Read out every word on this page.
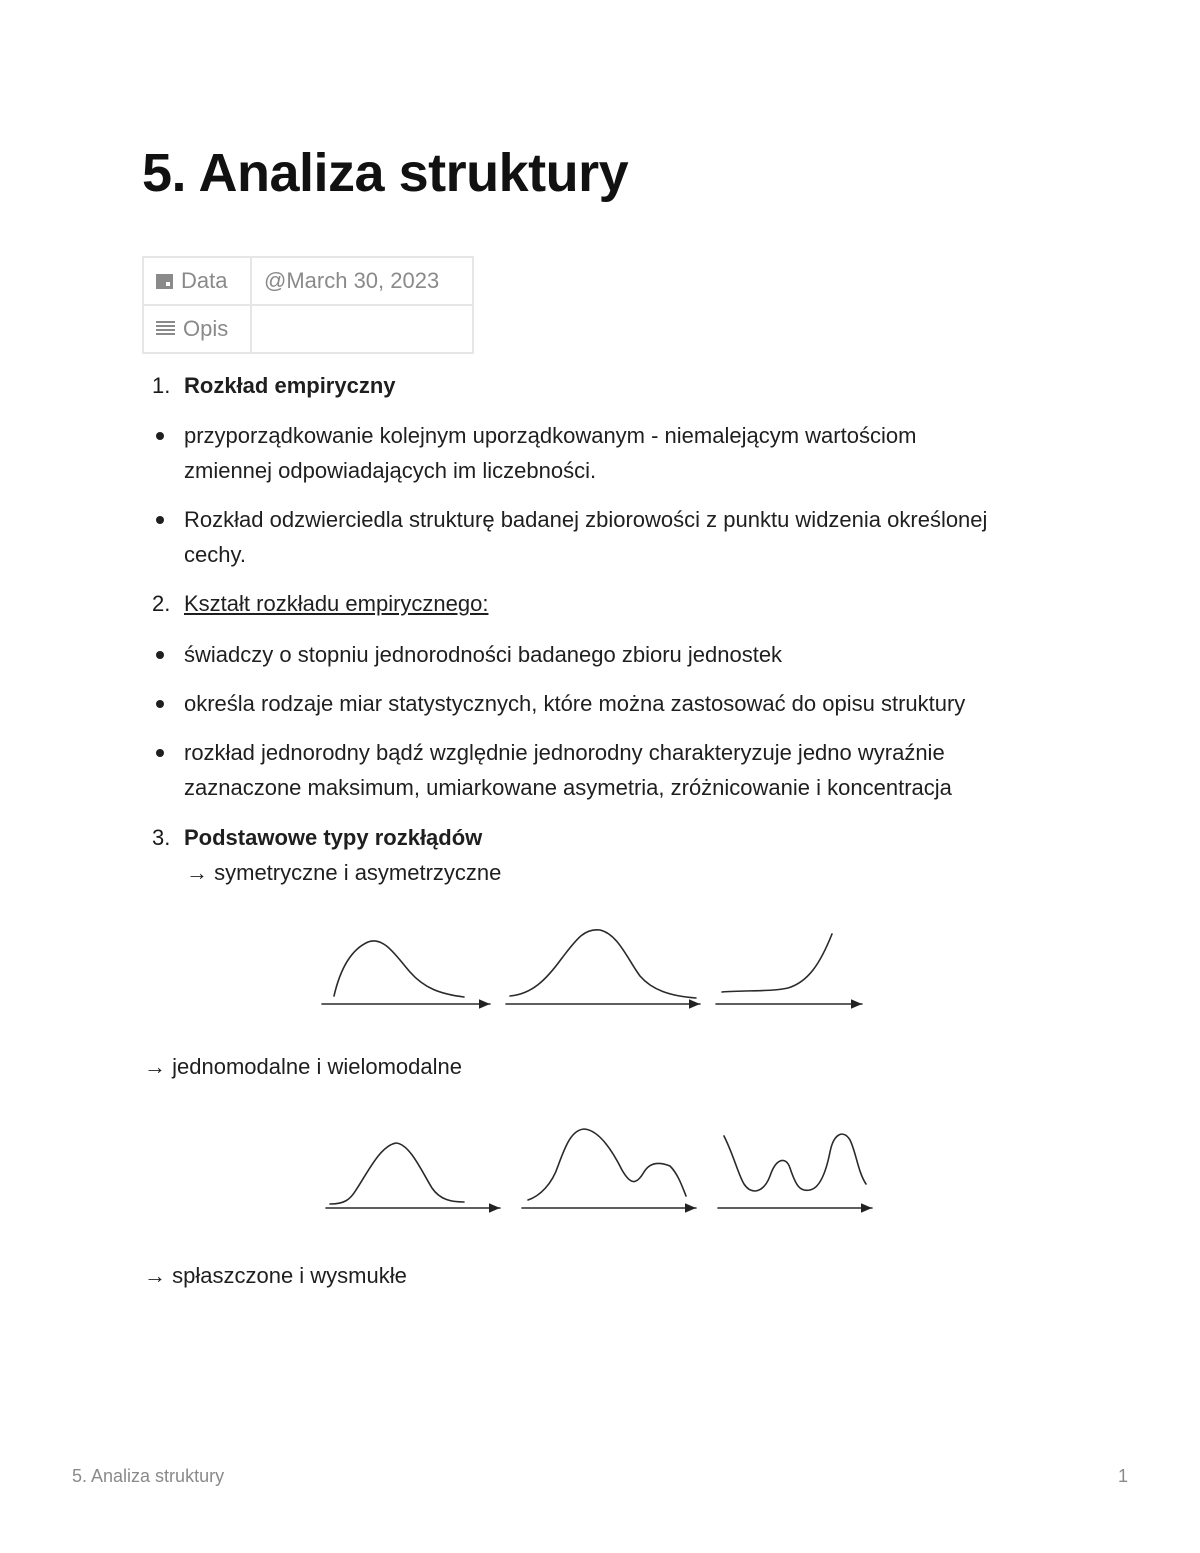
5. Analiza struktury
Data	@March 30, 2023
Opis	
1. Rozkład empiryczny
przyporządkowanie kolejnym uporządkowanym - niemalejącym wartościom
zmiennej odpowiadających im liczebności.
Rozkład odzwierciedla strukturę badanej zbiorowości z punktu widzenia określonej
cechy.
2. Kształt rozkładu empirycznego:
świadczy o stopniu jednorodności badanego zbioru jednostek
określa rodzaje miar statystycznych, które można zastosować do opisu struktury
rozkład jednorodny bądź względnie jednorodny charakteryzuje jedno wyraźnie
zaznaczone maksimum, umiarkowane asymetria, zróżnicowanie i koncentracja
3. Podstawowe typy rozkłądów
→ symetryczne i asymetrzyczne
→ jednomodalne i wielomodalne
→ spłaszczone i wysmukłe
5. Analiza struktury	1
